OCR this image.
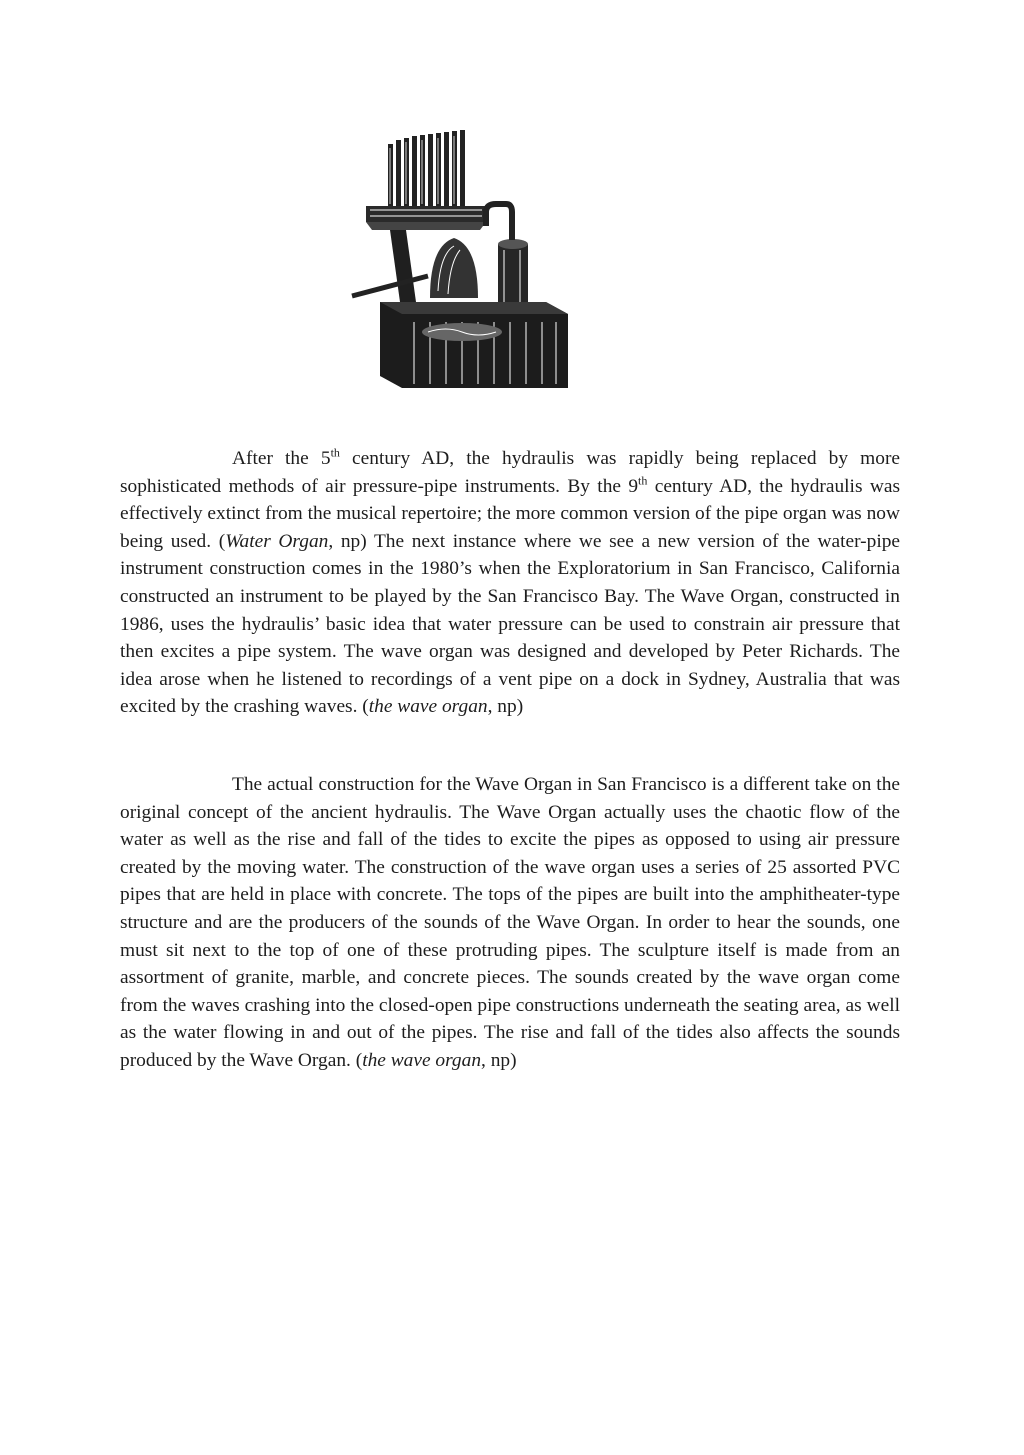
After the 5th century AD, the hydraulis was rapidly being replaced by more sophisticated methods of air pressure-pipe instruments. By the 9th century AD, the hydraulis was effectively extinct from the musical repertoire; the more common version of the pipe organ was now being used. (Water Organ, np) The next instance where we see a new version of the water-pipe instrument construction comes in the 1980’s when the Exploratorium in San Francisco, California constructed an instrument to be played by the San Francisco Bay. The Wave Organ, constructed in 1986, uses the hydraulis’ basic idea that water pressure can be used to constrain air pressure that then excites a pipe system. The wave organ was designed and developed by Peter Richards. The idea arose when he listened to recordings of a vent pipe on a dock in Sydney, Australia that was excited by the crashing waves. (the wave organ, np)

The actual construction for the Wave Organ in San Francisco is a different take on the original concept of the ancient hydraulis. The Wave Organ actually uses the chaotic flow of the water as well as the rise and fall of the tides to excite the pipes as opposed to using air pressure created by the moving water. The construction of the wave organ uses a series of 25 assorted PVC pipes that are held in place with concrete. The tops of the pipes are built into the amphitheater-type structure and are the producers of the sounds of the Wave Organ. In order to hear the sounds, one must sit next to the top of one of these protruding pipes. The sculpture itself is made from an assortment of granite, marble, and concrete pieces. The sounds created by the wave organ come from the waves crashing into the closed-open pipe constructions underneath the seating area, as well as the water flowing in and out of the pipes. The rise and fall of the tides also affects the sounds produced by the Wave Organ. (the wave organ, np)
